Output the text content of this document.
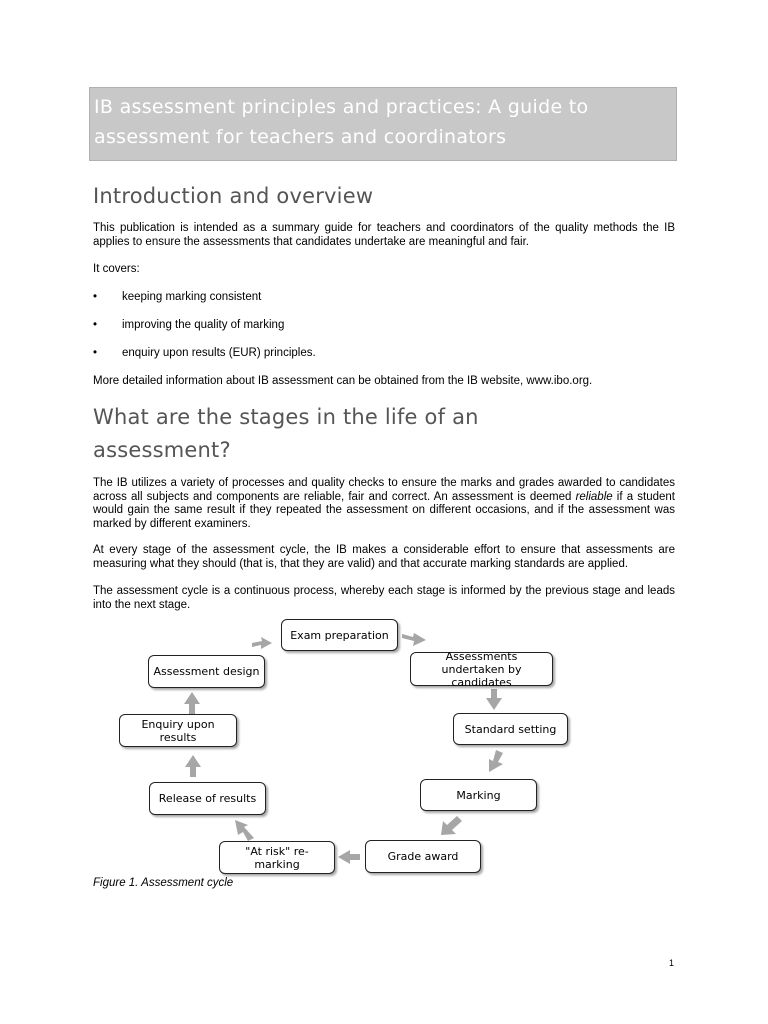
IB assessment principles and practices: A guide to
assessment for teachers and coordinators
Introduction and overview

This publication is intended as a summary guide for teachers and coordinators of the quality methods the IB applies to ensure the assessments that candidates undertake are meaningful and fair.

It covers:
• keeping marking consistent
• improving the quality of marking
• enquiry upon results (EUR) principles.

More detailed information about IB assessment can be obtained from the IB website, www.ibo.org.

What are the stages in the life of an
assessment?

The IB utilizes a variety of processes and quality checks to ensure the marks and grades awarded to candidates across all subjects and components are reliable, fair and correct. An assessment is deemed reliable if a student would gain the same result if they repeated the assessment on different occasions, and if the assessment was marked by different examiners.

At every stage of the assessment cycle, the IB makes a considerable effort to ensure that assessments are measuring what they should (that is, that they are valid) and that accurate marking standards are applied.

The assessment cycle is a continuous process, whereby each stage is informed by the previous stage and leads into the next stage.

Exam preparation
Assessments undertaken by candidates
Standard setting
Marking
Grade award
"At risk" re-marking
Release of results
Enquiry upon results
Assessment design
Figure 1. Assessment cycle
1
